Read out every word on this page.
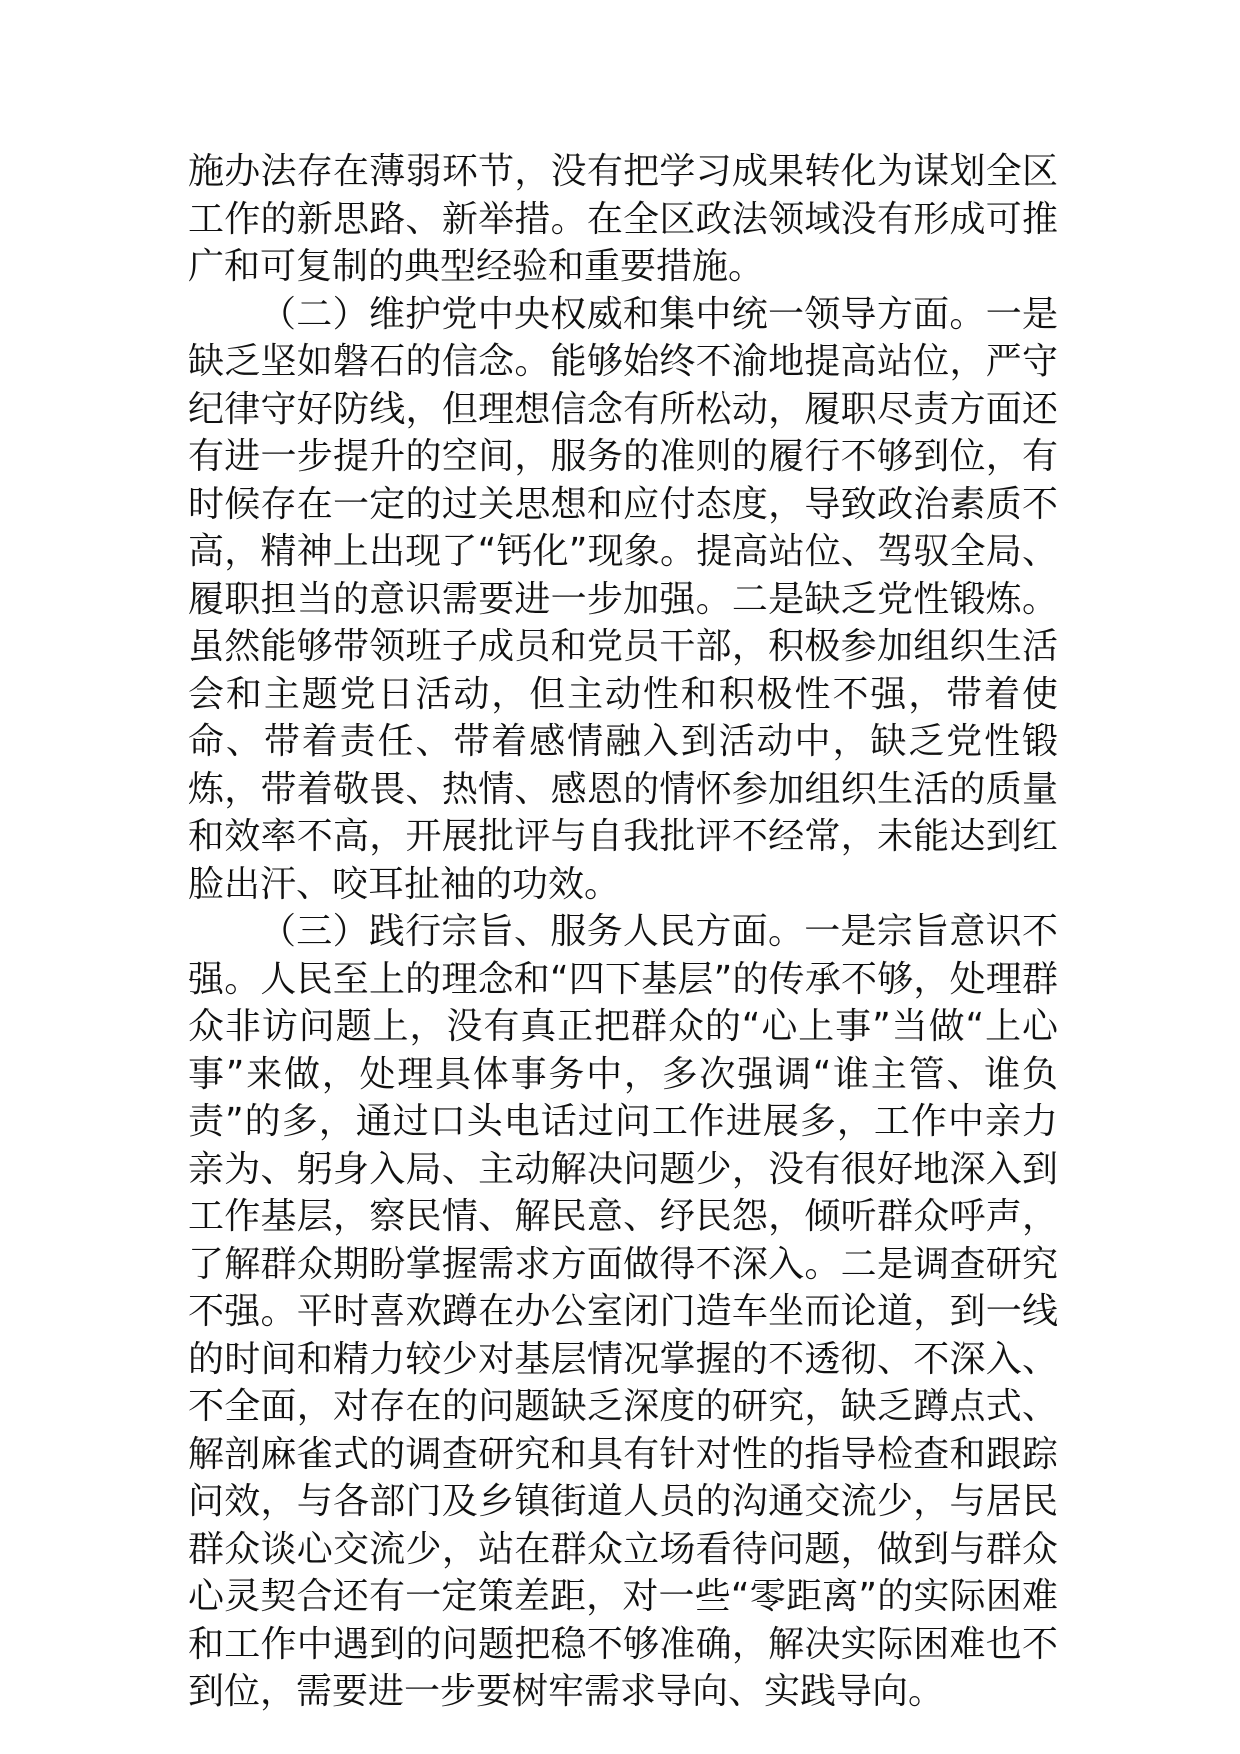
施办法存在薄弱环节，没有把学习成果转化为谋划全区工作的新思路、新举措。在全区政法领域没有形成可推广和可复制的典型经验和重要措施。

（二）维护党中央权威和集中统一领导方面。一是缺乏坚如磐石的信念。能够始终不渝地提高站位，严守纪律守好防线，但理想信念有所松动，履职尽责方面还有进一步提升的空间，服务的准则的履行不够到位，有时候存在一定的过关思想和应付态度，导致政治素质不高，精神上出现了“钙化”现象。提高站位、驾驭全局、履职担当的意识需要进一步加强。二是缺乏党性锻炼。虽然能够带领班子成员和党员干部，积极参加组织生活会和主题党日活动，但主动性和积极性不强，带着使命、带着责任、带着感情融入到活动中，缺乏党性锻炼，带着敬畏、热情、感恩的情怀参加组织生活的质量和效率不高，开展批评与自我批评不经常，未能达到红脸出汗、咬耳扯袖的功效。

（三）践行宗旨、服务人民方面。一是宗旨意识不强。人民至上的理念和“四下基层”的传承不够，处理群众非访问题上，没有真正把群众的“心上事”当做“上心事”来做，处理具体事务中，多次强调“谁主管、谁负责”的多，通过口头电话过问工作进展多，工作中亲力亲为、躬身入局、主动解决问题少，没有很好地深入到工作基层，察民情、解民意、纾民怨，倾听群众呼声，了解群众期盼掌握需求方面做得不深入。二是调查研究不强。平时喜欢蹲在办公室闭门造车坐而论道，到一线的时间和精力较少对基层情况掌握的不透彻、不深入、不全面，对存在的问题缺乏深度的研究，缺乏蹲点式、解剖麻雀式的调查研究和具有针对性的指导检查和跟踪问效，与各部门及乡镇街道人员的沟通交流少，与居民群众谈心交流少，站在群众立场看待问题，做到与群众心灵契合还有一定策差距，对一些“零距离”的实际困难和工作中遇到的问题把稳不够准确，解决实际困难也不到位，需要进一步要树牢需求导向、实践导向。
